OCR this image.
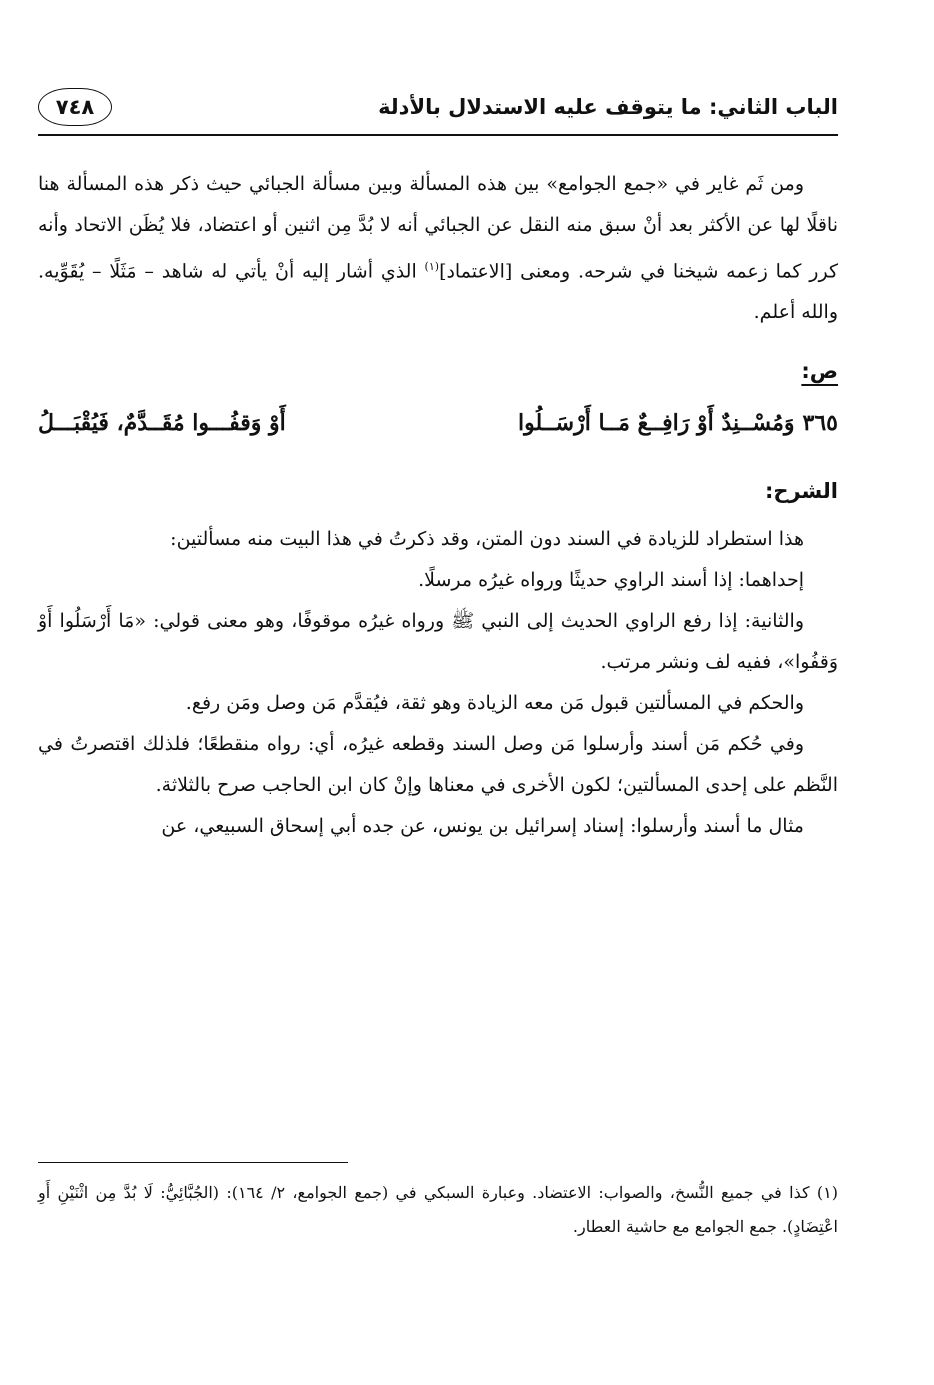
الباب الثاني: ما يتوقف عليه الاستدلال بالأدلة
٧٤٨

ومن ثَم غاير في «جمع الجوامع» بين هذه المسألة وبين مسألة الجبائي حيث ذكر هذه المسألة هنا ناقلًا لها عن الأكثر بعد أنْ سبق منه النقل عن الجبائي أنه لا بُدَّ مِن اثنين أو اعتضاد، فلا يُظَن الاتحاد وأنه كرر كما زعمه شيخنا في شرحه. ومعنى [الاعتماد]$^{(١)}$ الذي أشار إليه أنْ يأتي له شاهد – مَثَلًا – يُقَوِّيه. والله أعلم.

ص:
٣٦٥وَمُسْــنِدٌ أَوْ رَافِــعٌ مَــا أَرْسَــلُوا
أَوْ وَقفُـــوا مُقَــدَّمٌ، فَيُقْبَـــلُ
الشرح:

هذا استطراد للزيادة في السند دون المتن، وقد ذكرتُ في هذا البيت منه مسألتين:

إحداهما: إذا أسند الراوي حديثًا ورواه غيرُه مرسلًا.

والثانية: إذا رفع الراوي الحديث إلى النبي ﷺ ورواه غيرُه موقوفًا، وهو معنى قولي: «مَا أَرْسَلُوا أَوْ وَقفُوا»، ففيه لف ونشر مرتب.

والحكم في المسألتين قبول مَن معه الزيادة وهو ثقة، فيُقدَّم مَن وصل ومَن رفع.

وفي حُكم مَن أسند وأرسلوا مَن وصل السند وقطعه غيرُه، أي: رواه منقطعًا؛ فلذلك اقتصرتُ في النَّظم على إحدى المسألتين؛ لكون الأخرى في معناها وإنْ كان ابن الحاجب صرح بالثلاثة.

مثال ما أسند وأرسلوا: إسناد إسرائيل بن يونس، عن جده أبي إسحاق السبيعي، عن

(١) كذا في جميع النُّسخ، والصواب: الاعتضاد. وعبارة السبكي في (جمع الجوامع، ٢/ ١٦٤): (الجُبَّائِيُّ: لَا بُدَّ مِن اثْنَيْنِ أَوِ اعْتِضَادٍ). جمع الجوامع مع حاشية العطار.
